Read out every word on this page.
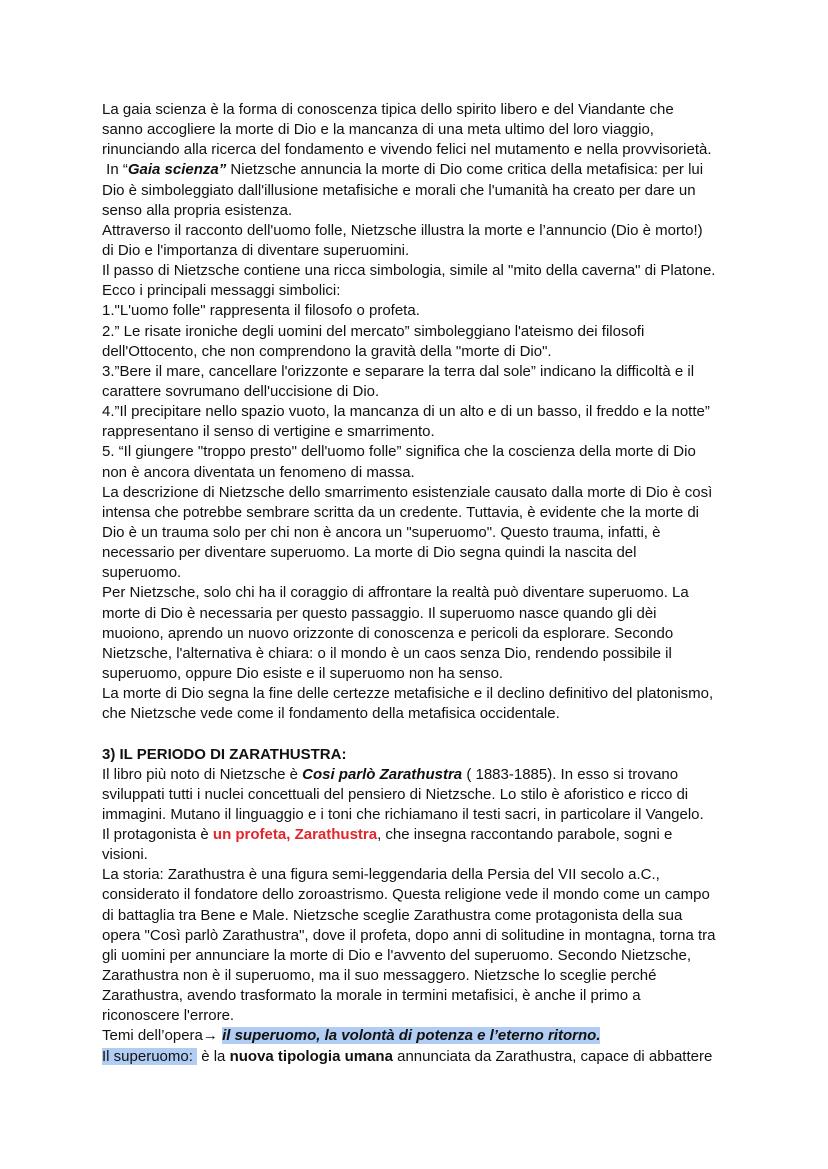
La gaia scienza è la forma di conoscenza tipica dello spirito libero e del Viandante che
sanno accogliere la morte di Dio e la mancanza di una meta ultimo del loro viaggio,
rinunciando alla ricerca del fondamento e vivendo felici nel mutamento e nella provvisorietà.
In “Gaia scienza” Nietzsche annuncia la morte di Dio come critica della metafisica: per lui
Dio è simboleggiato dall'illusione metafisiche e morali che l'umanità ha creato per dare un
senso alla propria esistenza.
Attraverso il racconto dell'uomo folle, Nietzsche illustra la morte e l’annuncio (Dio è morto!)
di Dio e l'importanza di diventare superuomini.
Il passo di Nietzsche contiene una ricca simbologia, simile al "mito della caverna" di Platone.
Ecco i principali messaggi simbolici:
1."L'uomo folle" rappresenta il filosofo o profeta.
2.” Le risate ironiche degli uomini del mercato” simboleggiano l'ateismo dei filosofi
dell'Ottocento, che non comprendono la gravità della "morte di Dio".
3.”Bere il mare, cancellare l'orizzonte e separare la terra dal sole” indicano la difficoltà e il
carattere sovrumano dell'uccisione di Dio.
4.”Il precipitare nello spazio vuoto, la mancanza di un alto e di un basso, il freddo e la notte”
rappresentano il senso di vertigine e smarrimento.
5. “Il giungere "troppo presto" dell'uomo folle” significa che la coscienza della morte di Dio
non è ancora diventata un fenomeno di massa.
La descrizione di Nietzsche dello smarrimento esistenziale causato dalla morte di Dio è così
intensa che potrebbe sembrare scritta da un credente. Tuttavia, è evidente che la morte di
Dio è un trauma solo per chi non è ancora un "superuomo". Questo trauma, infatti, è
necessario per diventare superuomo. La morte di Dio segna quindi la nascita del
superuomo.
Per Nietzsche, solo chi ha il coraggio di affrontare la realtà può diventare superuomo. La
morte di Dio è necessaria per questo passaggio. Il superuomo nasce quando gli dèi
muoiono, aprendo un nuovo orizzonte di conoscenza e pericoli da esplorare. Secondo
Nietzsche, l'alternativa è chiara: o il mondo è un caos senza Dio, rendendo possibile il
superuomo, oppure Dio esiste e il superuomo non ha senso.
La morte di Dio segna la fine delle certezze metafisiche e il declino definitivo del platonismo,
che Nietzsche vede come il fondamento della metafisica occidentale.
3) IL PERIODO DI ZARATHUSTRA:
Il libro più noto di Nietzsche è Cosi parlò Zarathustra ( 1883-1885). In esso si trovano
sviluppati tutti i nuclei concettuali del pensiero di Nietzsche. Lo stilo è aforistico e ricco di
immagini. Mutano il linguaggio e i toni che richiamano il testi sacri, in particolare il Vangelo.
Il protagonista è un profeta, Zarathustra, che insegna raccontando parabole, sogni e
visioni.
La storia: Zarathustra è una figura semi-leggendaria della Persia del VII secolo a.C.,
considerato il fondatore dello zoroastrismo. Questa religione vede il mondo come un campo
di battaglia tra Bene e Male. Nietzsche sceglie Zarathustra come protagonista della sua
opera "Così parlò Zarathustra", dove il profeta, dopo anni di solitudine in montagna, torna tra
gli uomini per annunciare la morte di Dio e l'avvento del superuomo. Secondo Nietzsche,
Zarathustra non è il superuomo, ma il suo messaggero. Nietzsche lo sceglie perché
Zarathustra, avendo trasformato la morale in termini metafisici, è anche il primo a
riconoscere l'errore.
Temi dell’opera→ il superuomo, la volontà di potenza e l’eterno ritorno.
Il superuomo:  è la nuova tipologia umana annunciata da Zarathustra, capace di abbattere
